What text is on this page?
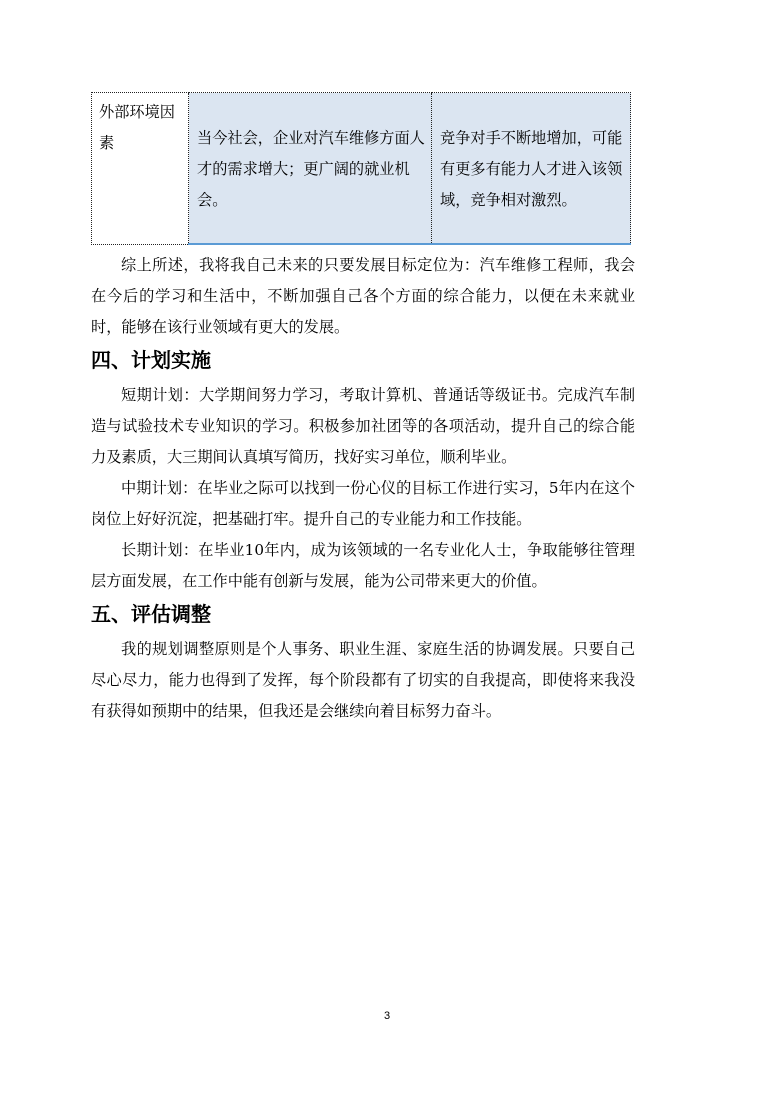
外部环境因素	当今社会，企业对汽车维修方面人才的需求增大；更广阔的就业机会。	竞争对手不断地增加，可能有更多有能力人才进入该领域，竞争相对激烈。

综上所述，我将我自己未来的只要发展目标定位为：汽车维修工程师，我会在今后的学习和生活中，不断加强自己各个方面的综合能力，以便在未来就业时，能够在该行业领域有更大的发展。

四、计划实施

短期计划：大学期间努力学习，考取计算机、普通话等级证书。完成汽车制造与试验技术专业知识的学习。积极参加社团等的各项活动，提升自己的综合能力及素质，大三期间认真填写简历，找好实习单位，顺利毕业。

中期计划：在毕业之际可以找到一份心仪的目标工作进行实习，5年内在这个岗位上好好沉淀，把基础打牢。提升自己的专业能力和工作技能。

长期计划：在毕业10年内，成为该领域的一名专业化人士，争取能够往管理层方面发展，在工作中能有创新与发展，能为公司带来更大的价值。

五、评估调整

我的规划调整原则是个人事务、职业生涯、家庭生活的协调发展。只要自己尽心尽力，能力也得到了发挥，每个阶段都有了切实的自我提高，即使将来我没有获得如预期中的结果，但我还是会继续向着目标努力奋斗。

3
